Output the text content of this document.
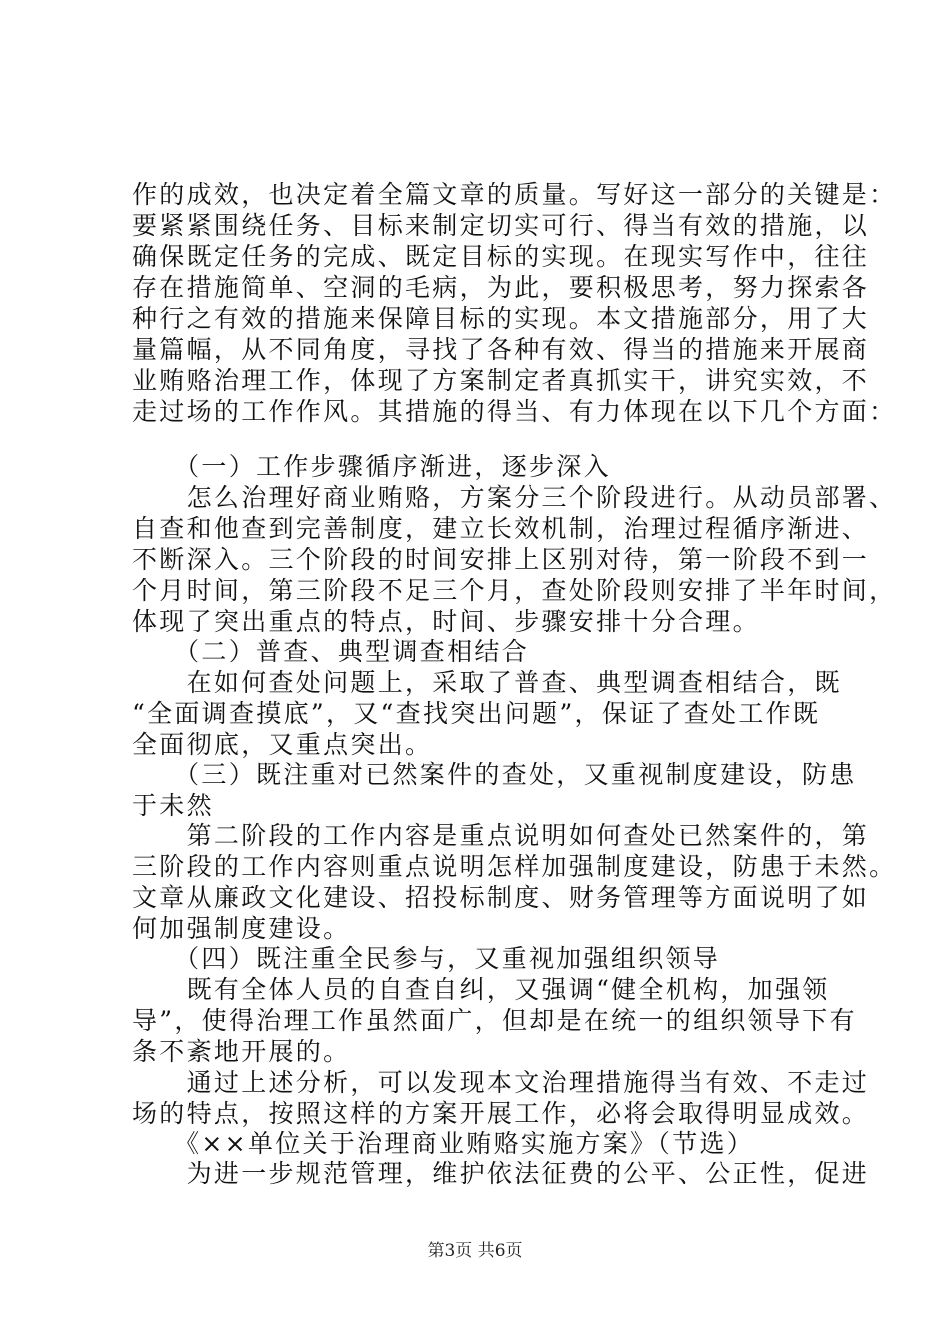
作的成效，也决定着全篇文章的质量。写好这一部分的关键是：

要紧紧围绕任务、目标来制定切实可行、得当有效的措施，以

确保既定任务的完成、既定目标的实现。在现实写作中，往往

存在措施简单、空洞的毛病，为此，要积极思考，努力探索各

种行之有效的措施来保障目标的实现。本文措施部分，用了大

量篇幅，从不同角度，寻找了各种有效、得当的措施来开展商

业贿赂治理工作，体现了方案制定者真抓实干，讲究实效，不

走过场的工作作风。其措施的得当、有力体现在以下几个方面：

　　（一）工作步骤循序渐进，逐步深入

　　怎么治理好商业贿赂，方案分三个阶段进行。从动员部署、

自查和他查到完善制度，建立长效机制，治理过程循序渐进、

不断深入。三个阶段的时间安排上区别对待，第一阶段不到一

个月时间，第三阶段不足三个月，查处阶段则安排了半年时间，

体现了突出重点的特点，时间、步骤安排十分合理。

　　（二）普查、典型调查相结合

　　在如何查处问题上，采取了普查、典型调查相结合，既

“全面调查摸底”，又“查找突出问题”，保证了查处工作既

全面彻底，又重点突出。

　　（三）既注重对已然案件的查处，又重视制度建设，防患

于未然

　　第二阶段的工作内容是重点说明如何查处已然案件的，第

三阶段的工作内容则重点说明怎样加强制度建设，防患于未然。

文章从廉政文化建设、招投标制度、财务管理等方面说明了如

何加强制度建设。

　　（四）既注重全民参与，又重视加强组织领导

　　既有全体人员的自查自纠，又强调“健全机构，加强领

导”，使得治理工作虽然面广，但却是在统一的组织领导下有

条不紊地开展的。

　　通过上述分析，可以发现本文治理措施得当有效、不走过

场的特点，按照这样的方案开展工作，必将会取得明显成效。

　　《××单位关于治理商业贿赂实施方案》（节选）

　　为进一步规范管理，维护依法征费的公平、公正性，促进

第3页 共6页
